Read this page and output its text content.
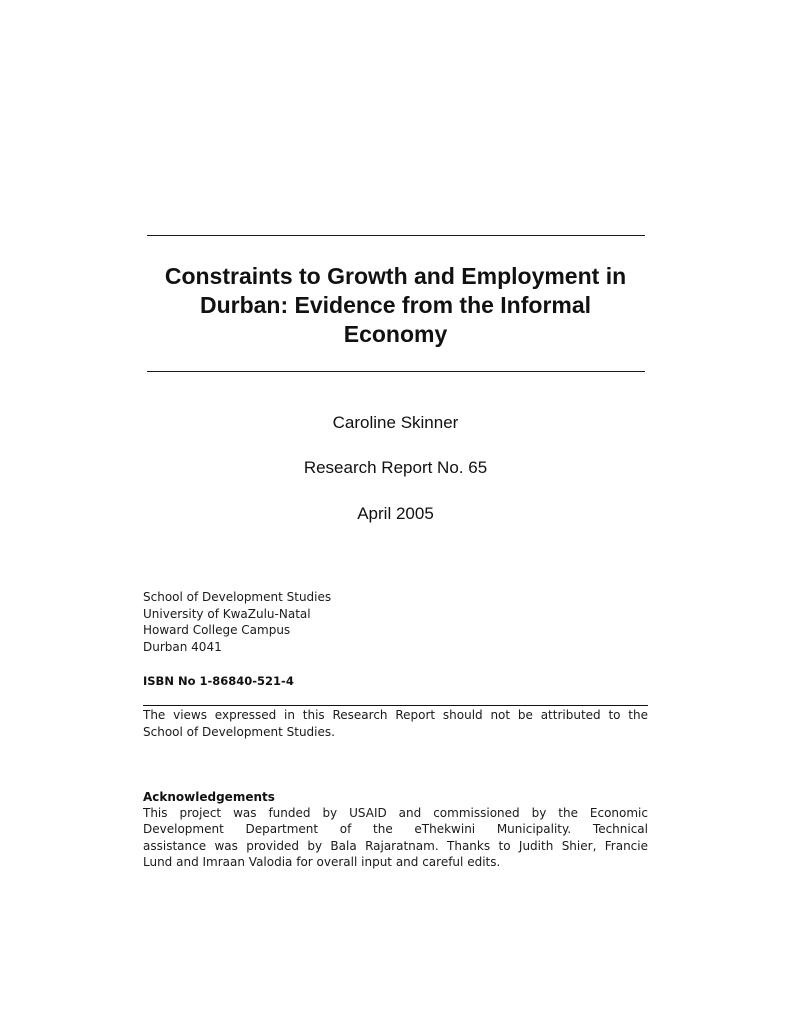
Constraints to Growth and Employment in
Durban: Evidence from the Informal
Economy
Caroline Skinner
Research Report No. 65
April 2005
School of Development Studies
University of KwaZulu-Natal
Howard College Campus
Durban 4041
ISBN No 1-86840-521-4
The views expressed in this Research Report should not be attributed to the
School of Development Studies.
Acknowledgements
This project was funded by USAID and commissioned by the Economic
Development Department of the eThekwini Municipality. Technical
assistance was provided by Bala Rajaratnam. Thanks to Judith Shier, Francie
Lund and Imraan Valodia for overall input and careful edits.
